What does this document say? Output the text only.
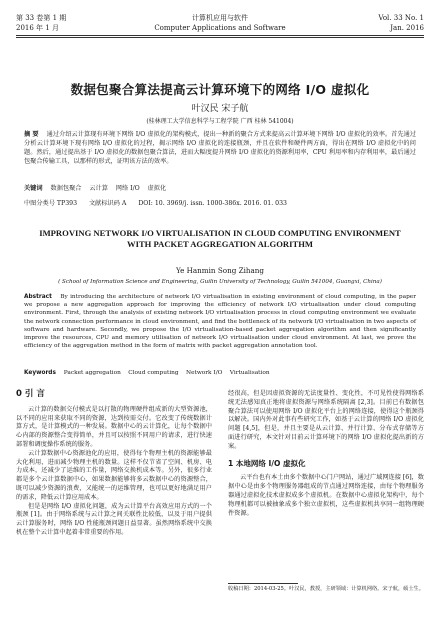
第 33 卷第 1 期	计算机应用与软件	Vol. 33 No. 1
2016 年 1 月	Computer Applications and Software	Jan. 2016
数据包聚合算法提高云计算环境下的网络 I/O 虚拟化
叶汉民 宋子航
(桂林理工大学信息科学与工程学院 广西 桂林 541004)
摘 要 通过介绍云计算现有环境下网络 I/O 虚拟化的架构模式，提出一种新的聚合方式来提高云计算环境下网络 I/O 虚拟化的效率。首先通过分析云计算环境下现有网络 I/O 虚拟化的过程，揭示网络 I/O 虚拟化的连接瓶颈，并且在软件和硬件两方面，得出在网络 I/O 虚拟化中的问题。然后，通过提出基于 I/O 虚拟化的数据包聚合算法，进而大幅度提升网络 I/O 虚拟化的资源利用率，CPU 利用率和内存利用率，最后通过包聚合传输工具，以那样的形式，证明该方法的效率。
关键词 数据包聚合 云计算 网络 I/O 虚拟化
中图分类号 TP393 文献标识码 A DOI: 10. 3969/j. issn. 1000-386x. 2016. 01. 033
IMPROVING NETWORK I/O VIRTUALISATION IN CLOUD COMPUTING ENVIRONMENT WITH PACKET AGGREGATION ALGORITHM
Ye Hanmin Song Zihang
( School of Information Science and Engineering, Guilin University of Technology, Guilin 541004, Guangxi, China)
Abstract By introducing the architecture of network I/O virtualisation in existing environment of cloud computing, in the paper we propose a new aggregation approach for improving the efficiency of network I/O virtualisation under cloud computing environment. First, through the analysis of existing network I/O virtualisation process in cloud computing environment we evaluate the network connection performance in cloud environment, and find the bottleneck of its network I/O virtualisation in two aspects of software and hardware. Secondly, we propose the I/O virtualisation-based packet aggregation algorithm and then significantly improve the resources, CPU and memory utilisation of network I/O virtualisation under cloud environment. At last, we prove the efficiency of the aggregation method in the form of matrix with packet aggregation annotation tool.
Keywords Packet aggregation Cloud computing Network I/O Virtualisation
0 引 言

云计算的数据交付模式是以打散的物理硬件组成新的大型资源池，以不同的应用来获取不同的资源，达到按需交付。它改变了传统数据计算方式，是计算模式的一种发展。数据中心的云计算化，让每个数据中心内部的资源整合变得简单，并且可以按照不同用户的请求，进行快速部署和调度操作系统的服务。

云计算数据中心资源池化的应用，使得每个物理主机的资源能够最大化利用，进而减少物理主机的数量。这样不仅节省了空间、机房、电力成本，还减少了运维的工作量，网络交换机成本等。另外，很多行业都是多个云计算数据中心，如果数据能够将多云数据中心的资源整合，既可以减少资源的浪费，又能统一的运维管理，也可以更好地满足用户的需求，降低云计算应用成本。

但是是网络 I/O 虚拟化问题，成为云计算平台高效应用方式的一个瓶颈 [1]。由于网络系统与云计算之间关联性比较低，以及于用户提供云计算服务时，网络 I/O 性能瓶颈问题日益显著。虽然网络系统中交换机在整个云计算中起着非常重要的作用。

经很高，但是因虚拟资源的无法度量性、变化性，不可见性使得网络系统无法感知真正地将虚拟资源与网络系统隔离 [2,3]。目前已有数据包聚合算法可以使用网络 I/O 虚拟化平台上的网络连接，使得这个瓶颈得以解决。国内外对此事有些研究工作，如基于云计算的网络 I/O 虚拟化问题 [4,5]，但是，并且主要是从云计算、并行计算、分布式存储等方面进行研究，本文针对目前云计算环境下的网络 I/O 虚拟化提出新的方案。

1 本地网络 I/O 虚拟化

云平台也有本土由多个数据中心门户网站，通过广域网连接 [6]，数据中心是由多个物理服务器组成的节点通过网络连接，由每个物理服务器通过虚拟化技术虚拟成多个虚拟机。在数据中心虚拟化架构中，每个物理机都可以被抽象成多个独立虚拟机，这些虚拟机共享同一组物理硬件资源。

收稿日期：2014-03-25。叶汉民，教授，主研领域：计算机网络。宋子航，硕士生。
